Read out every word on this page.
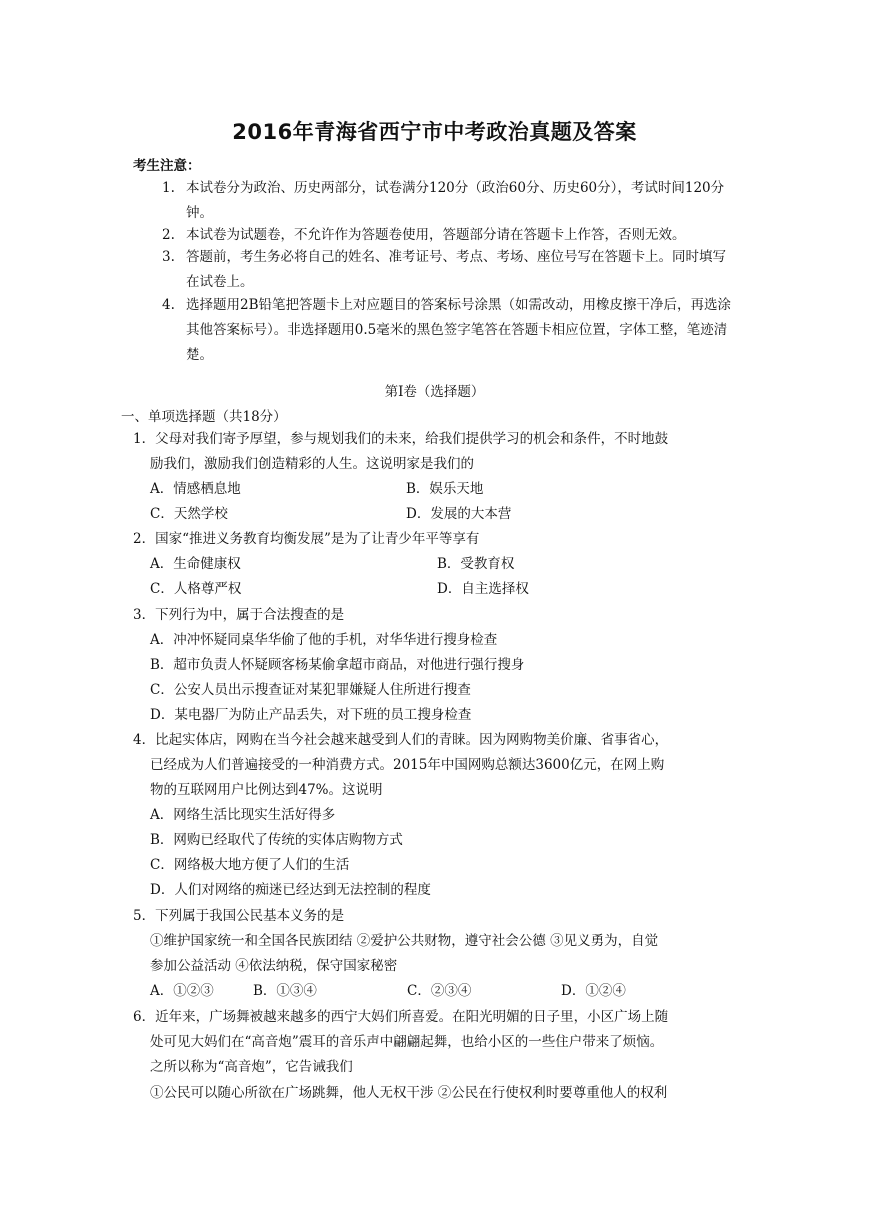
2016年青海省西宁市中考政治真题及答案
考生注意：
1. 本试卷分为政治、历史两部分，试卷满分120分（政治60分、历史60分），考试时间120分钟。
2. 本试卷为试题卷，不允许作为答题卷使用，答题部分请在答题卡上作答，否则无效。
3. 答题前，考生务必将自己的姓名、准考证号、考点、考场、座位号写在答题卡上。同时填写在试卷上。
4. 选择题用2B铅笔把答题卡上对应题目的答案标号涂黑（如需改动，用橡皮擦干净后，再选涂其他答案标号）。非选择题用0.5毫米的黑色签字笔答在答题卡相应位置，字体工整，笔迹清楚。
第Ⅰ卷（选择题）
一、单项选择题（共18分）
1．父母对我们寄予厚望，参与规划我们的未来，给我们提供学习的机会和条件，不时地鼓
励我们，激励我们创造精彩的人生。这说明家是我们的
A．情感栖息地	B．娱乐天地
C．天然学校	D．发展的大本营
2．国家“推进义务教育均衡发展”是为了让青少年平等享有
A．生命健康权	B．受教育权
C．人格尊严权	D．自主选择权
3．下列行为中，属于合法搜查的是
A．冲冲怀疑同桌华华偷了他的手机，对华华进行搜身检查
B．超市负责人怀疑顾客杨某偷拿超市商品，对他进行强行搜身
C．公安人员出示搜查证对某犯罪嫌疑人住所进行搜查
D．某电器厂为防止产品丢失，对下班的员工搜身检查
4．比起实体店，网购在当今社会越来越受到人们的青睐。因为网购物美价廉、省事省心，
已经成为人们普遍接受的一种消费方式。2015年中国网购总额达3600亿元，在网上购
物的互联网用户比例达到47%。这说明
A．网络生活比现实生活好得多
B．网购已经取代了传统的实体店购物方式
C．网络极大地方便了人们的生活
D．人们对网络的痴迷已经达到无法控制的程度
5．下列属于我国公民基本义务的是
①维护国家统一和全国各民族团结 ②爱护公共财物，遵守社会公德 ③见义勇为，自觉
参加公益活动 ④依法纳税，保守国家秘密
A．①②③	B．①③④	C．②③④	D．①②④
6．近年来，广场舞被越来越多的西宁大妈们所喜爱。在阳光明媚的日子里，小区广场上随
处可见大妈们在“高音炮”震耳的音乐声中翩翩起舞，也给小区的一些住户带来了烦恼。
之所以称为“高音炮”，它告诫我们
①公民可以随心所欲在广场跳舞，他人无权干涉 ②公民在行使权利时要尊重他人的权利
